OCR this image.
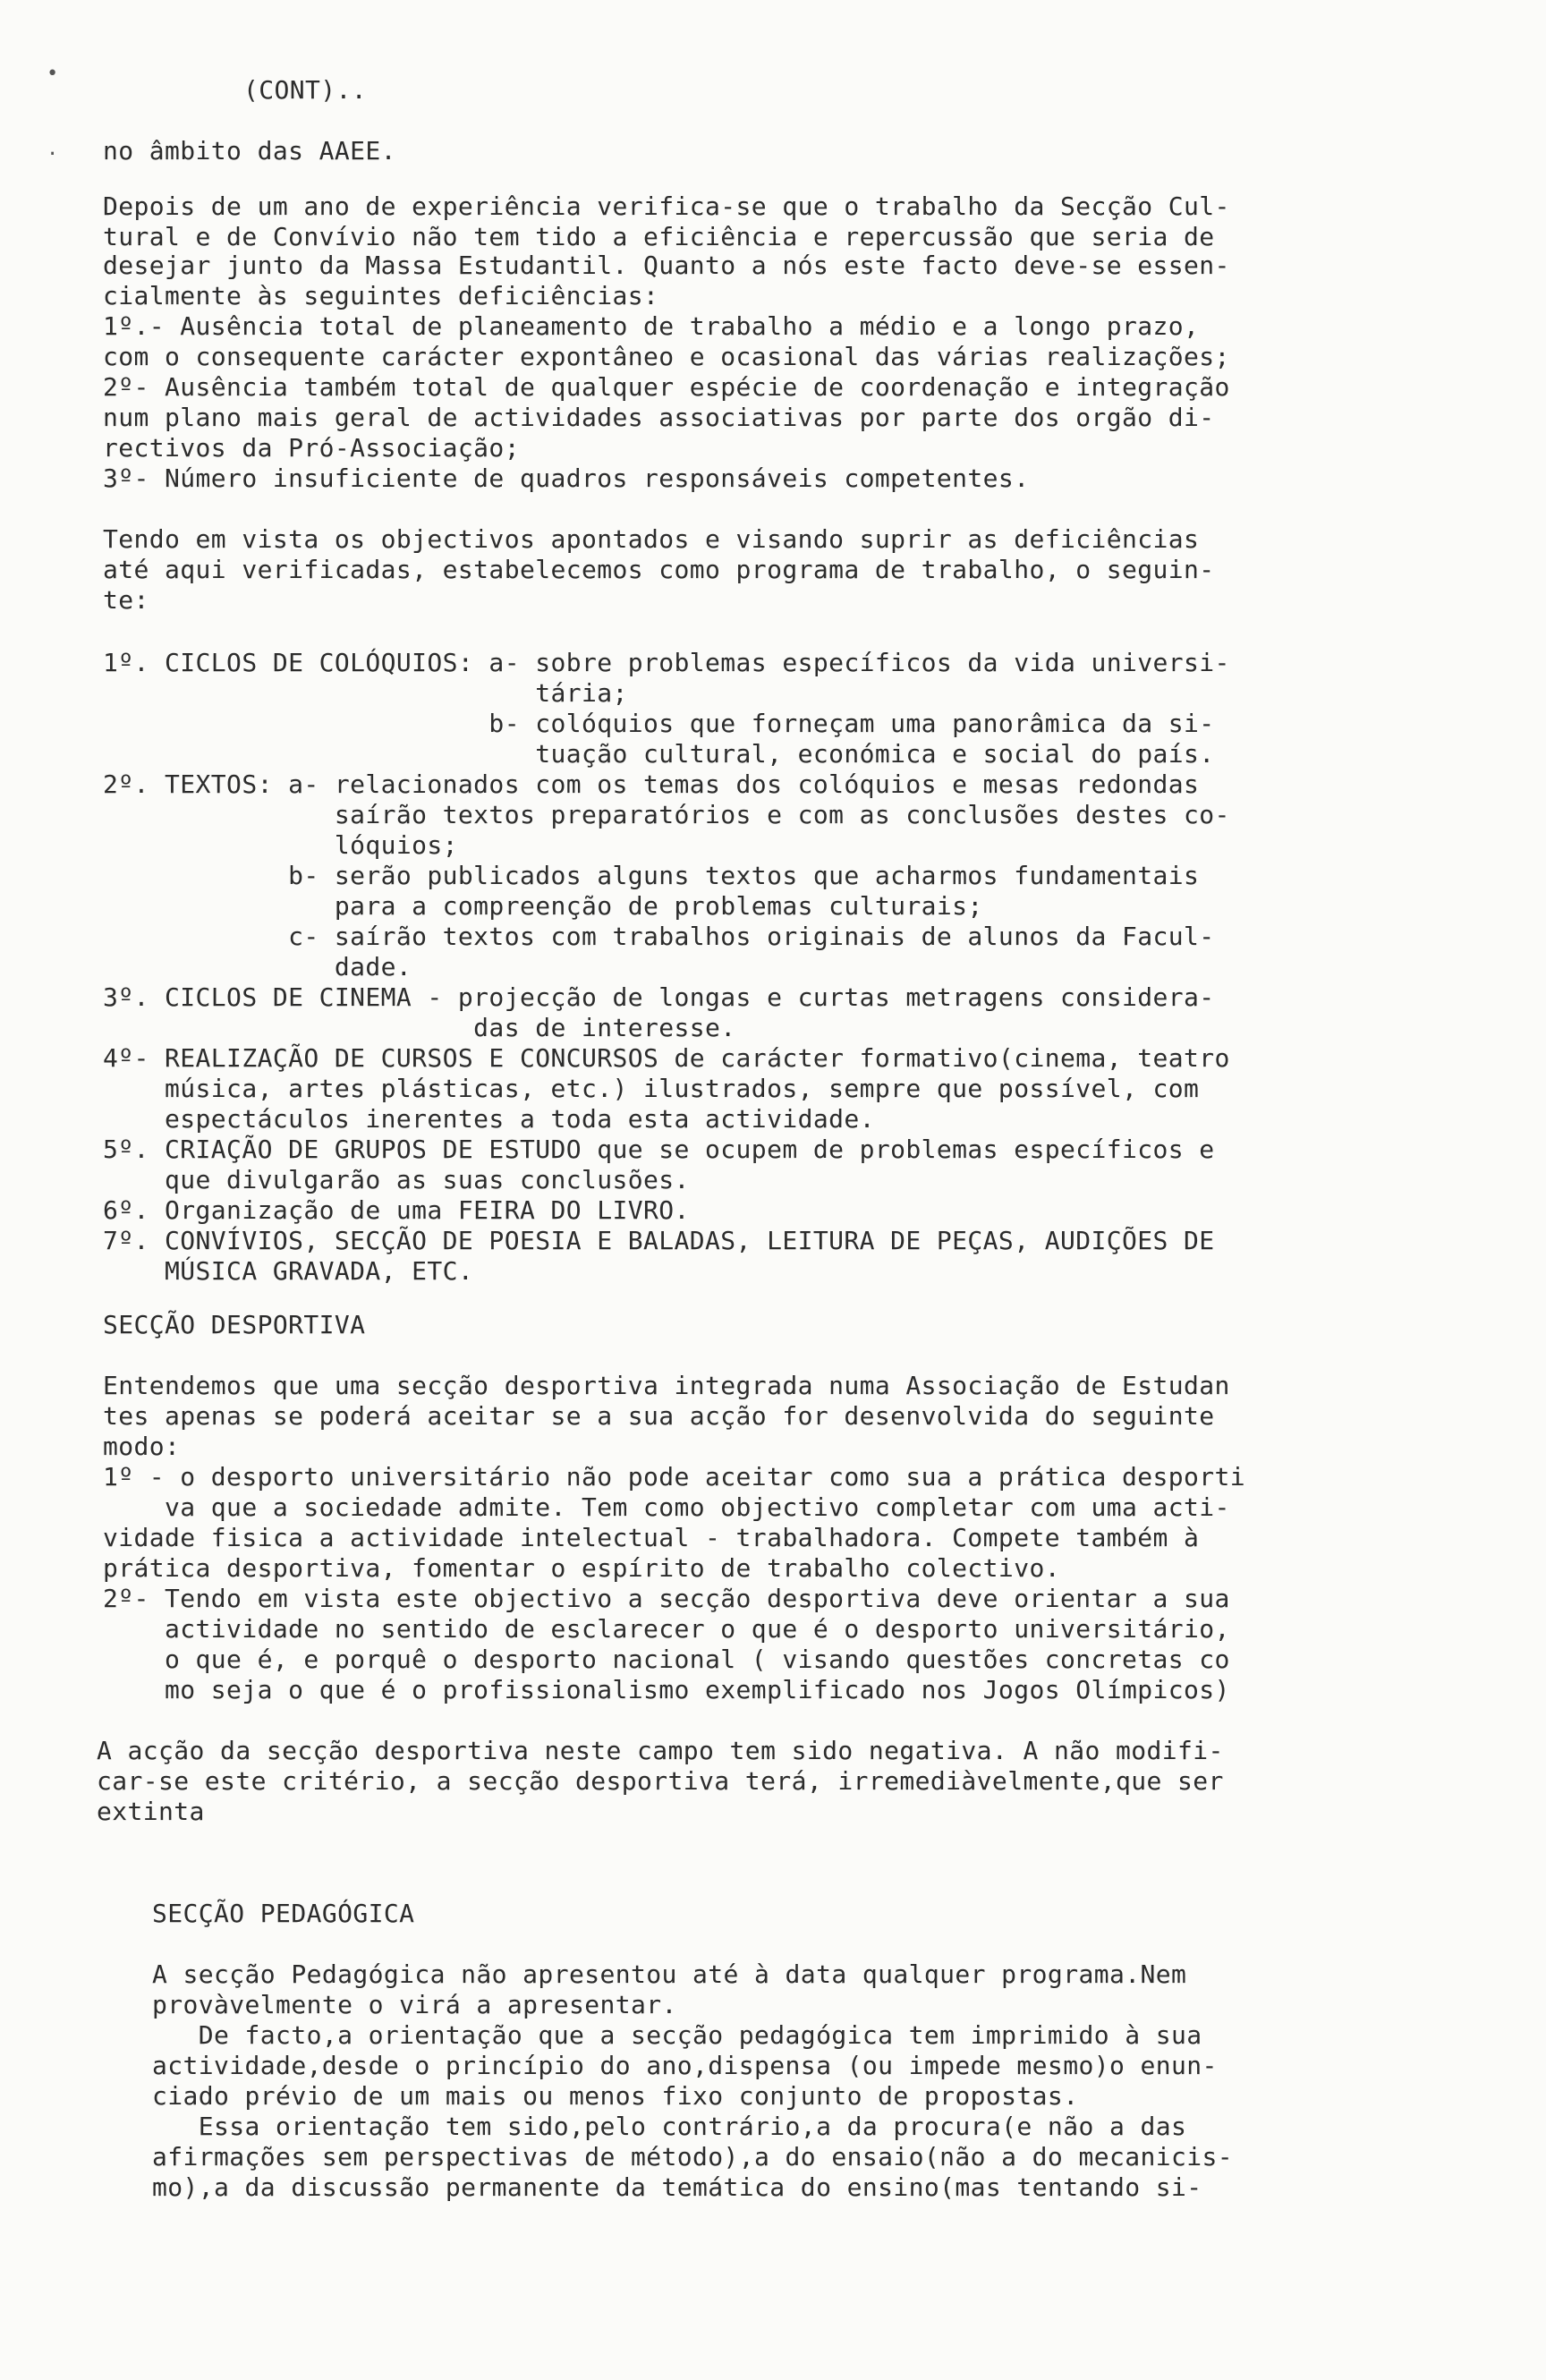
•
·

(CONT)..

no âmbito das AAEE.

Depois de um ano de experiência verifica-se que o trabalho da Secção Cul-

tural e de Convívio não tem tido a eficiência e repercussão que seria de

desejar junto da Massa Estudantil. Quanto a nós este facto deve-se essen-

cialmente às seguintes deficiências:

1º.- Ausência total de planeamento de trabalho a médio e a longo prazo,

com o consequente carácter expontâneo e ocasional das várias realizações;

2º- Ausência também total de qualquer espécie de coordenação e integração

num plano mais geral de actividades associativas por parte dos orgão di-

rectivos da Pró-Associação;

3º- Número insuficiente de quadros responsáveis competentes.

Tendo em vista os objectivos apontados e visando suprir as deficiências

até aqui verificadas, estabelecemos como programa de trabalho, o seguin-

te:

1º. CICLOS DE COLÓQUIOS: a- sobre problemas específicos da vida universi-

tária;

b- colóquios que forneçam uma panorâmica da si-

tuação cultural, económica e social do país.

2º. TEXTOS: a- relacionados com os temas dos colóquios e mesas redondas

saírão textos preparatórios e com as conclusões destes co-

lóquios;

b- serão publicados alguns textos que acharmos fundamentais

para a compreenção de problemas culturais;

c- saírão textos com trabalhos originais de alunos da Facul-

dade.

3º. CICLOS DE CINEMA - projecção de longas e curtas metragens considera-

das de interesse.

4º- REALIZAÇÃO DE CURSOS E CONCURSOS de carácter formativo(cinema, teatro

música, artes plásticas, etc.) ilustrados, sempre que possível, com

espectáculos inerentes a toda esta actividade.

5º. CRIAÇÃO DE GRUPOS DE ESTUDO que se ocupem de problemas específicos e

que divulgarão as suas conclusões.

6º. Organização de uma FEIRA DO LIVRO.

7º. CONVÍVIOS, SECÇÃO DE POESIA E BALADAS, LEITURA DE PEÇAS, AUDIÇÕES DE

MÚSICA GRAVADA, ETC.

SECÇÃO DESPORTIVA

Entendemos que uma secção desportiva integrada numa Associação de Estudan

tes apenas se poderá aceitar se a sua acção for desenvolvida do seguinte

modo:

1º - o desporto universitário não pode aceitar como sua a prática desporti

va que a sociedade admite. Tem como objectivo completar com uma acti-

vidade fisica a actividade intelectual - trabalhadora. Compete também à

prática desportiva, fomentar o espírito de trabalho colectivo.

2º- Tendo em vista este objectivo a secção desportiva deve orientar a sua

actividade no sentido de esclarecer o que é o desporto universitário,

o que é, e porquê o desporto nacional ( visando questões concretas co

mo seja o que é o profissionalismo exemplificado nos Jogos Olímpicos)

A acção da secção desportiva neste campo tem sido negativa. A não modifi-

car-se este critério, a secção desportiva terá, irremediàvelmente,que ser

extinta

SECÇÃO PEDAGÓGICA

A secção Pedagógica não apresentou até à data qualquer programa.Nem

provàvelmente o virá a apresentar.

De facto,a orientação que a secção pedagógica tem imprimido à sua

actividade,desde o princípio do ano,dispensa (ou impede mesmo)o enun-

ciado prévio de um mais ou menos fixo conjunto de propostas.

Essa orientação tem sido,pelo contrário,a da procura(e não a das

afirmações sem perspectivas de método),a do ensaio(não a do mecanicis-

mo),a da discussão permanente da temática do ensino(mas tentando si-
